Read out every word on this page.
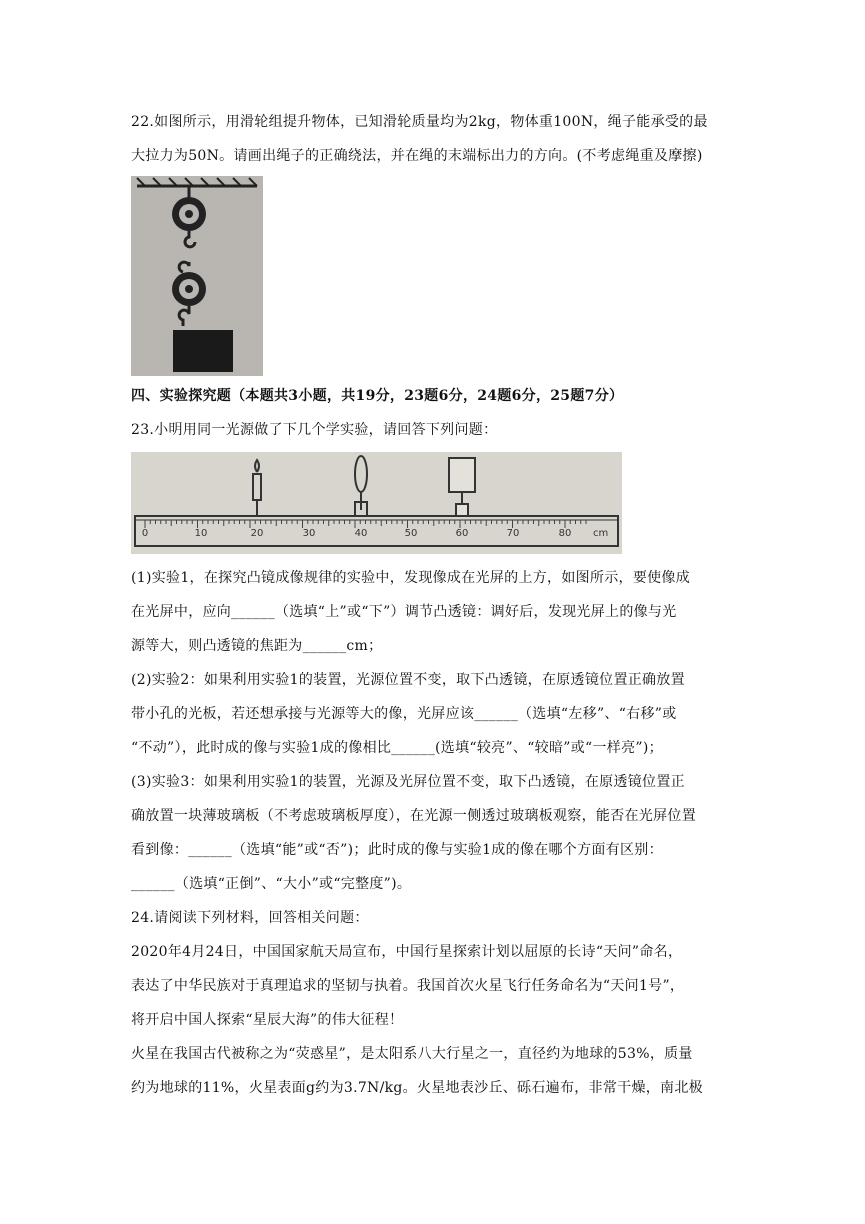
22.如图所示，用滑轮组提升物体，已知滑轮质量均为2kg，物体重100N，绳子能承受的最
大拉力为50N。请画出绳子的正确绕法，并在绳的末端标出力的方向。(不考虑绳重及摩擦)
四、实验探究题（本题共3小题，共19分，23题6分，24题6分，25题7分）
23.小明用同一光源做了下几个学实验，请回答下列问题：
0	10	20	30	40	50	60	70	80 cm
(1)实验1，在探究凸镜成像规律的实验中，发现像成在光屏的上方，如图所示，要使像成
在光屏中，应向______（选填“上”或“下”）调节凸透镜：调好后，发现光屏上的像与光
源等大，则凸透镜的焦距为______cm；
(2)实验2：如果利用实验1的装置，光源位置不变，取下凸透镜，在原透镜位置正确放置
带小孔的光板，若还想承接与光源等大的像，光屏应该______（选填“左移”、“右移”或
“不动”），此时成的像与实验1成的像相比______(选填“较亮”、“较暗”或“一样亮”)；
(3)实验3：如果利用实验1的装置，光源及光屏位置不变，取下凸透镜，在原透镜位置正
确放置一块薄玻璃板（不考虑玻璃板厚度），在光源一侧透过玻璃板观察，能否在光屏位置
看到像：______（选填“能”或“否”)；此时成的像与实验1成的像在哪个方面有区别：
______（选填“正倒”、“大小”或“完整度”)。
24.请阅读下列材料，回答相关问题：
2020年4月24日，中国国家航天局宣布，中国行星探索计划以屈原的长诗“天问”命名，
表达了中华民族对于真理追求的坚韧与执着。我国首次火星飞行任务命名为“天问1号”，
将开启中国人探索“星辰大海”的伟大征程！
火星在我国古代被称之为“荧惑星”，是太阳系八大行星之一，直径约为地球的53%，质量
约为地球的11%，火星表面g约为3.7N/kg。火星地表沙丘、砾石遍布，非常干燥，南北极
